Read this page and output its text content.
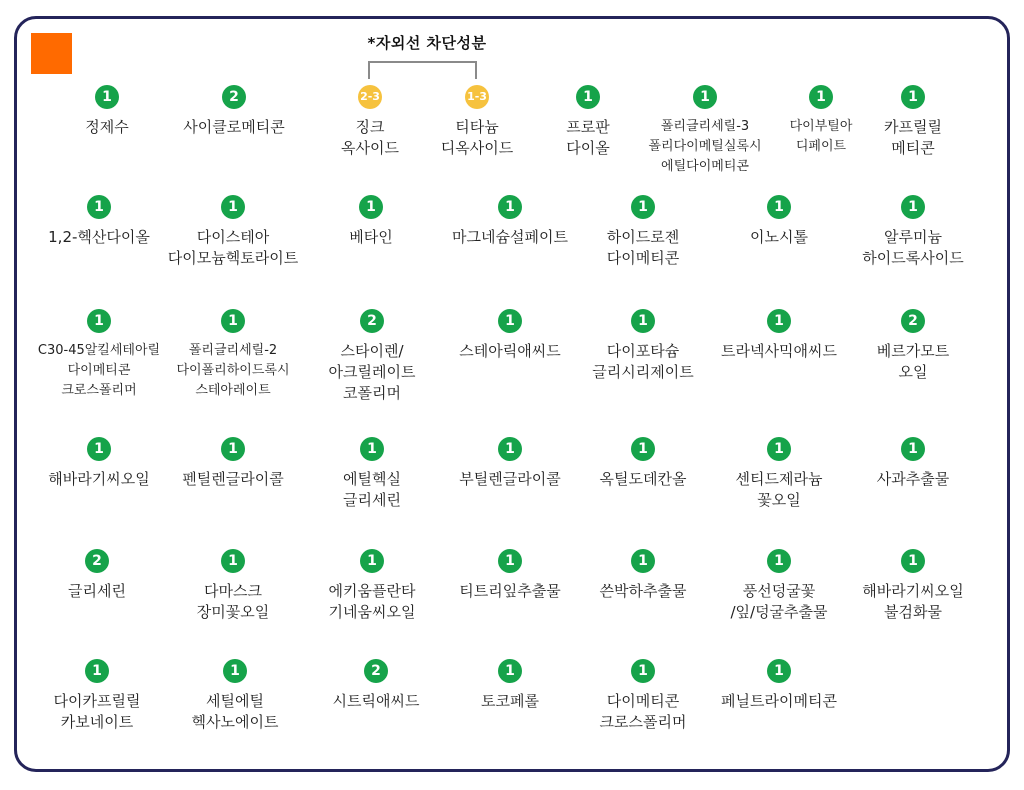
*자외선 차단성분
1
정제수
2
사이클로메티콘
2-3
징크
옥사이드
1-3
티타늄
디옥사이드
1
프로판
다이올
1
폴리글리세릴-3
폴리다이메틸실록시
에틸다이메티콘
1
다이부틸아
디페이트
1
카프릴릴
메티콘
1
1,2-헥산다이올
1
다이스테아
다이모늄헥토라이트
1
베타인
1
마그네슘설페이트
1
하이드로젠
다이메티콘
1
이노시톨
1
알루미늄
하이드록사이드
1
C30-45알킬세테아릴
다이메티콘
크로스폴리머
1
폴리글리세릴-2
다이폴리하이드록시
스테아레이트
2
스타이렌/
아크릴레이트
코폴리머
1
스테아릭애씨드
1
다이포타슘
글리시리제이트
1
트라넥사믹애씨드
2
베르가모트
오일
1
해바라기씨오일
1
펜틸렌글라이콜
1
에틸헥실
글리세린
1
부틸렌글라이콜
1
옥틸도데칸올
1
센티드제라늄
꽃오일
1
사과추출물
2
글리세린
1
다마스크
장미꽃오일
1
에키움플란타
기네움씨오일
1
티트리잎추출물
1
쓴박하추출물
1
풍선덩굴꽃
/잎/덩굴추출물
1
해바라기씨오일
불검화물
1
다이카프릴릴
카보네이트
1
세틸에틸
헥사노에이트
2
시트릭애씨드
1
토코페롤
1
다이메티콘
크로스폴리머
1
페닐트라이메티콘
